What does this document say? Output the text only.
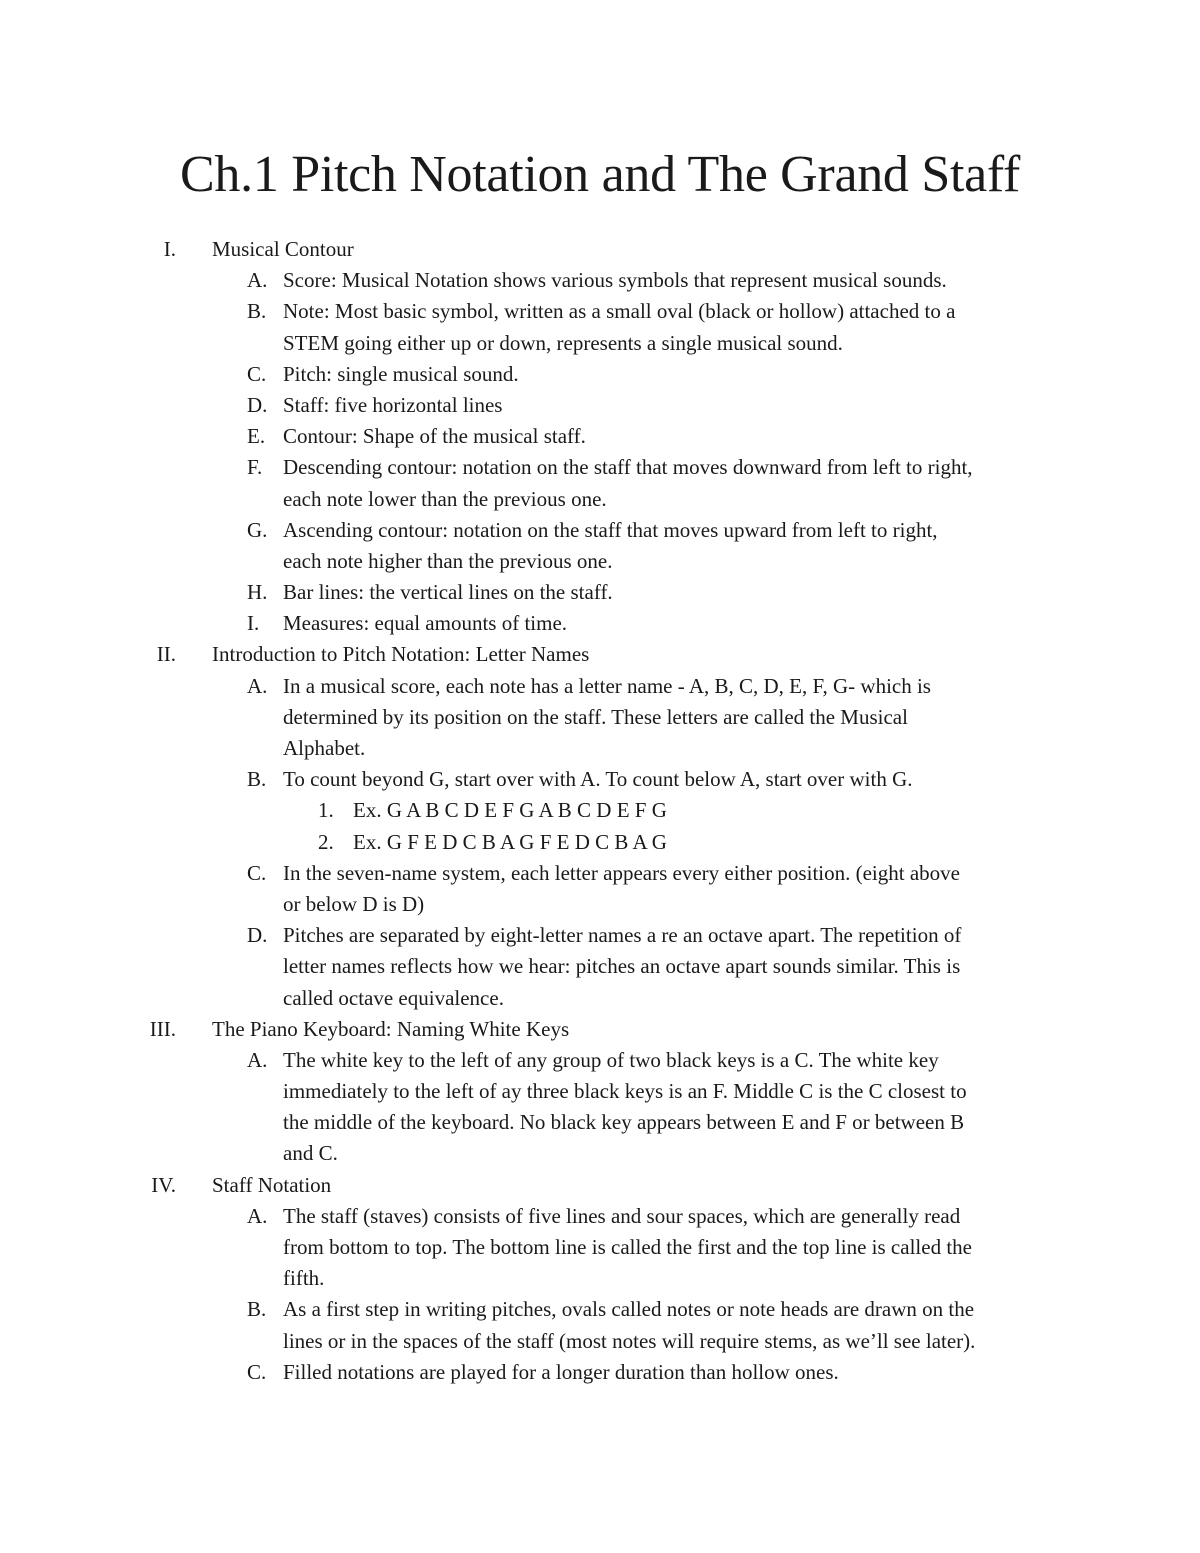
Ch.1 Pitch Notation and The Grand Staff
I. Musical Contour
A. Score: Musical Notation shows various symbols that represent musical sounds.
B. Note: Most basic symbol, written as a small oval (black or hollow) attached to a
STEM going either up or down, represents a single musical sound.
C. Pitch: single musical sound.
D. Staff: five horizontal lines
E. Contour: Shape of the musical staff.
F. Descending contour: notation on the staff that moves downward from left to right,
each note lower than the previous one.
G. Ascending contour: notation on the staff that moves upward from left to right,
each note higher than the previous one.
H. Bar lines: the vertical lines on the staff.
I. Measures: equal amounts of time.
II. Introduction to Pitch Notation: Letter Names
A. In a musical score, each note has a letter name - A, B, C, D, E, F, G- which is
determined by its position on the staff. These letters are called the Musical
Alphabet.
B. To count beyond G, start over with A. To count below A, start over with G.
1. Ex. G A B C D E F G A B C D E F G
2. Ex. G F E D C B A G F E D C B A G
C. In the seven-name system, each letter appears every either position. (eight above
or below D is D)
D. Pitches are separated by eight-letter names a re an octave apart. The repetition of
letter names reflects how we hear: pitches an octave apart sounds similar. This is
called octave equivalence.
III. The Piano Keyboard: Naming White Keys
A. The white key to the left of any group of two black keys is a C. The white key
immediately to the left of ay three black keys is an F. Middle C is the C closest to
the middle of the keyboard. No black key appears between E and F or between B
and C.
IV. Staff Notation
A. The staff (staves) consists of five lines and sour spaces, which are generally read
from bottom to top. The bottom line is called the first and the top line is called the
fifth.
B. As a first step in writing pitches, ovals called notes or note heads are drawn on the
lines or in the spaces of the staff (most notes will require stems, as we’ll see later).
C. Filled notations are played for a longer duration than hollow ones.
